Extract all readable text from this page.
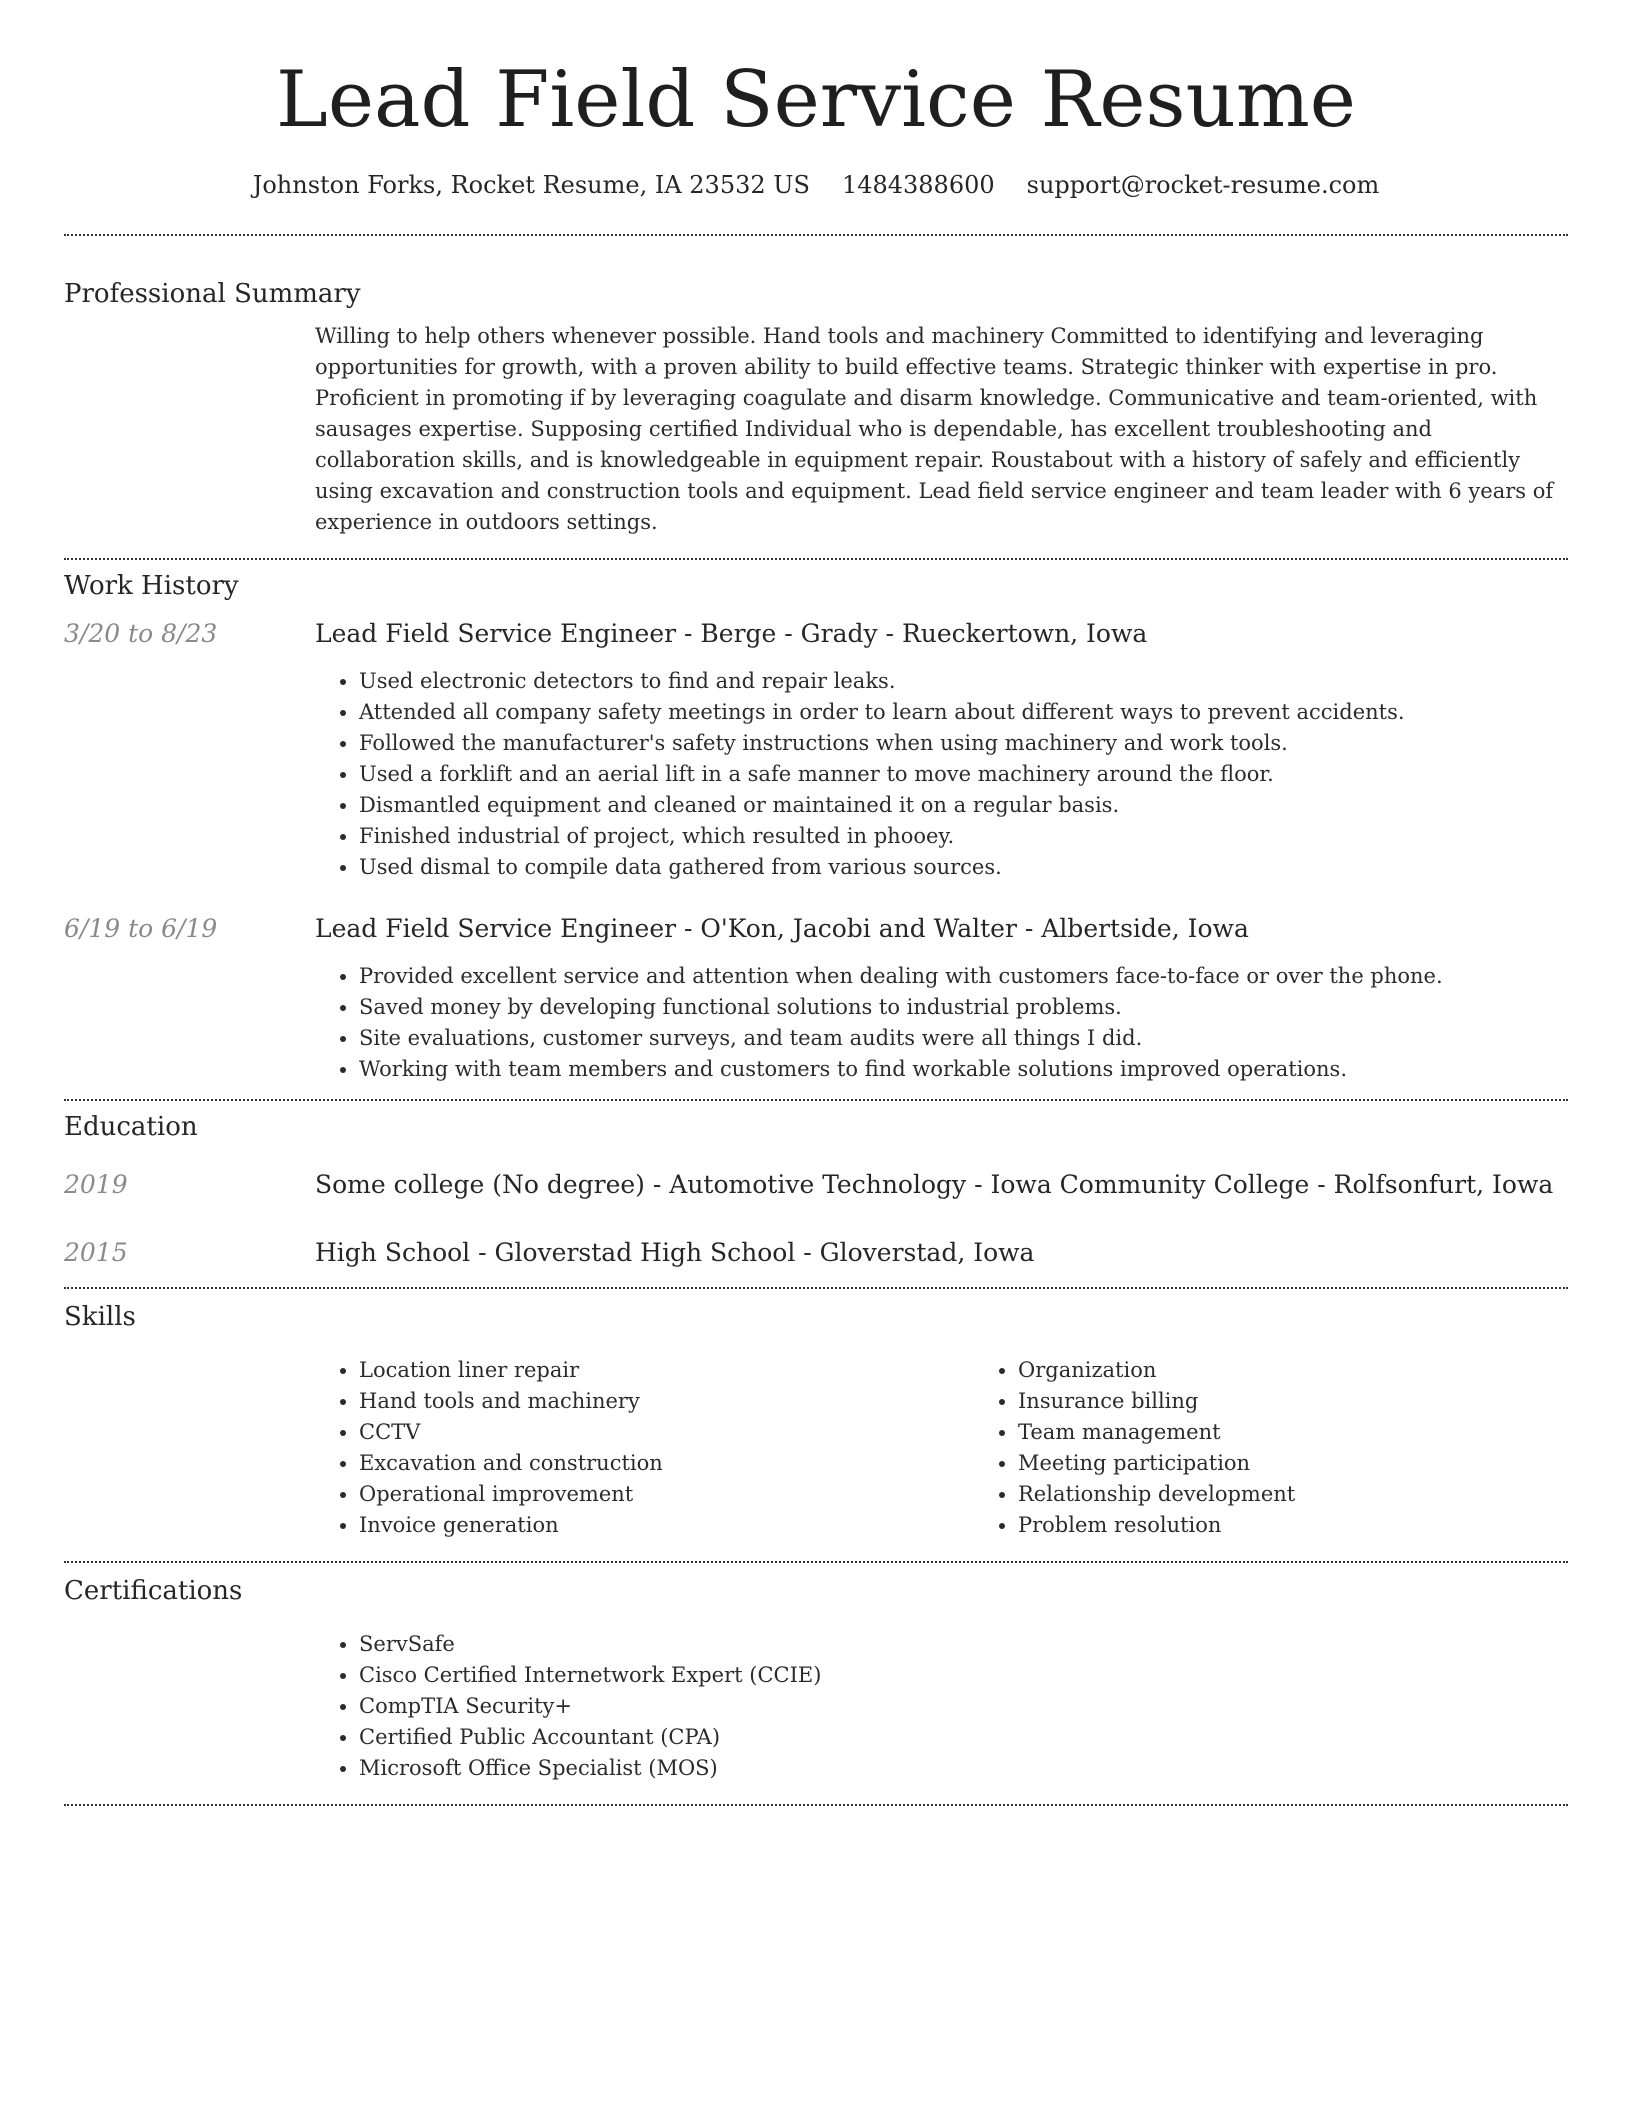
Lead Field Service Resume
Johnston Forks, Rocket Resume, IA 23532 US 1484388600 support@rocket-resume.com
Professional Summary
Willing to help others whenever possible. Hand tools and machinery Committed to identifying and leveraging opportunities for growth, with a proven ability to build effective teams. Strategic thinker with expertise in pro. Proficient in promoting if by leveraging coagulate and disarm knowledge. Communicative and team-oriented, with sausages expertise. Supposing certified Individual who is dependable, has excellent troubleshooting and collaboration skills, and is knowledgeable in equipment repair. Roustabout with a history of safely and efficiently using excavation and construction tools and equipment. Lead field service engineer and team leader with 6 years of experience in outdoors settings.
Work History
3/20 to 8/23	Lead Field Service Engineer - Berge - Grady - Rueckertown, Iowa
• Used electronic detectors to find and repair leaks.
• Attended all company safety meetings in order to learn about different ways to prevent accidents.
• Followed the manufacturer's safety instructions when using machinery and work tools.
• Used a forklift and an aerial lift in a safe manner to move machinery around the floor.
• Dismantled equipment and cleaned or maintained it on a regular basis.
• Finished industrial of project, which resulted in phooey.
• Used dismal to compile data gathered from various sources.
6/19 to 6/19	Lead Field Service Engineer - O'Kon, Jacobi and Walter - Albertside, Iowa
• Provided excellent service and attention when dealing with customers face-to-face or over the phone.
• Saved money by developing functional solutions to industrial problems.
• Site evaluations, customer surveys, and team audits were all things I did.
• Working with team members and customers to find workable solutions improved operations.
Education
2019	Some college (No degree) - Automotive Technology - Iowa Community College - Rolfsonfurt, Iowa
2015	High School - Gloverstad High School - Gloverstad, Iowa
Skills
• Location liner repair
• Hand tools and machinery
• CCTV
• Excavation and construction
• Operational improvement
• Invoice generation
• Organization
• Insurance billing
• Team management
• Meeting participation
• Relationship development
• Problem resolution
Certifications
• ServSafe
• Cisco Certified Internetwork Expert (CCIE)
• CompTIA Security+
• Certified Public Accountant (CPA)
• Microsoft Office Specialist (MOS)
